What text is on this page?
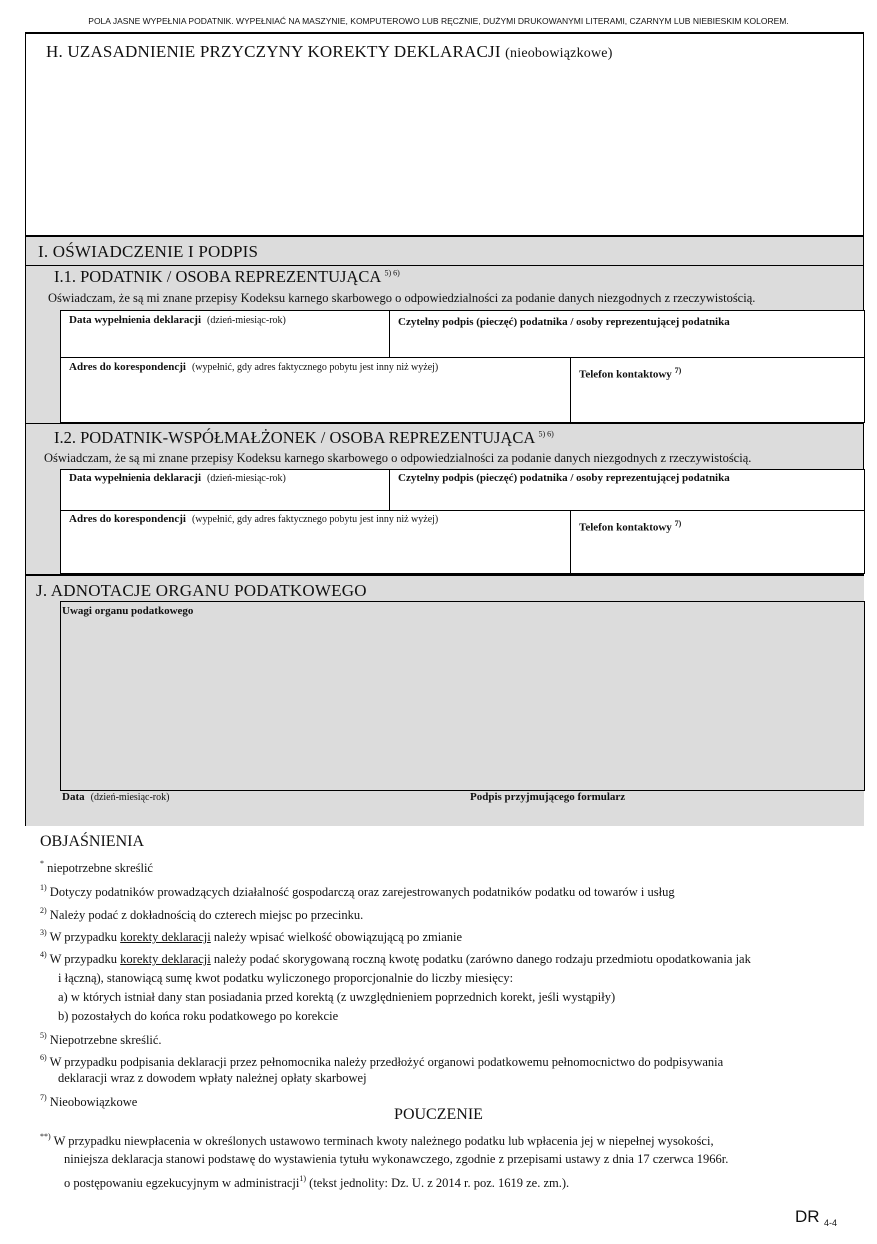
POLA JASNE WYPEŁNIA PODATNIK. WYPEŁNIAĆ NA MASZYNIE, KOMPUTEROWO LUB RĘCZNIE, DUŻYMI DRUKOWANYMI LITERAMI, CZARNYM LUB NIEBIESKIM KOLOREM.
H. UZASADNIENIE PRZYCZYNY KOREKTY DEKLARACJI (nieobowiązkowe)
I. OŚWIADCZENIE I PODPIS
I.1. PODATNIK / OSOBA REPREZENTUJĄCA $^{5) 6)}$
Oświadczam, że są mi znane przepisy Kodeksu karnego skarbowego o odpowiedzialności za podanie danych niezgodnych z rzeczywistością.
Data wypełnienia deklaracji (dzień-miesiąc-rok)	Czytelny podpis (pieczęć) podatnika / osoby reprezentującej podatnika
Adres do korespondencji (wypełnić, gdy adres faktycznego pobytu jest inny niż wyżej)
Telefon kontaktowy $^{7)}$
I.2. PODATNIK-WSPÓŁMAŁŻONEK / OSOBA REPREZENTUJĄCA $^{5) 6)}$
Oświadczam, że są mi znane przepisy Kodeksu karnego skarbowego o odpowiedzialności za podanie danych niezgodnych z rzeczywistością.
Data wypełnienia deklaracji (dzień-miesiąc-rok)	Czytelny podpis (pieczęć) podatnika / osoby reprezentującej podatnika
Adres do korespondencji (wypełnić, gdy adres faktycznego pobytu jest inny niż wyżej)
Telefon kontaktowy $^{7)}$
J. ADNOTACJE ORGANU PODATKOWEGO
Uwagi organu podatkowego
Data (dzień-miesiąc-rok)	Podpis przyjmującego formularz
OBJAŚNIENIA
* niepotrzebne skreślić
$^{1)}$ Dotyczy podatników prowadzących działalność gospodarczą oraz zarejestrowanych podatników podatku od towarów i usług
$^{2)}$ Należy podać z dokładnością do czterech miejsc po przecinku.
$^{3)}$ W przypadku korekty deklaracji należy wpisać wielkość obowiązującą po zmianie
$^{4)}$ W przypadku korekty deklaracji należy podać skorygowaną roczną kwotę podatku (zarówno danego rodzaju przedmiotu opodatkowania jak
i łączną), stanowiącą sumę kwot podatku wyliczonego proporcjonalnie do liczby miesięcy:
a) w których istniał dany stan posiadania przed korektą (z uwzględnieniem poprzednich korekt, jeśli wystąpiły)
b) pozostałych do końca roku podatkowego po korekcie
$^{5)}$ Niepotrzebne skreślić.
$^{6)}$ W przypadku podpisania deklaracji przez pełnomocnika należy przedłożyć organowi podatkowemu pełnomocnictwo do podpisywania
deklaracji wraz z dowodem wpłaty należnej opłaty skarbowej
$^{7)}$ Nieobowiązkowe
POUCZENIE
**) W przypadku niewpłacenia w określonych ustawowo terminach kwoty należnego podatku lub wpłacenia jej w niepełnej wysokości,
niniejsza deklaracja stanowi podstawę do wystawienia tytułu wykonawczego, zgodnie z przepisami ustawy z dnia 17 czerwca 1966r.
o postępowaniu egzekucyjnym w administracji$^{1)}$ (tekst jednolity: Dz. U. z 2014 r. poz. 1619 ze. zm.).
DR $_{4-4}$
